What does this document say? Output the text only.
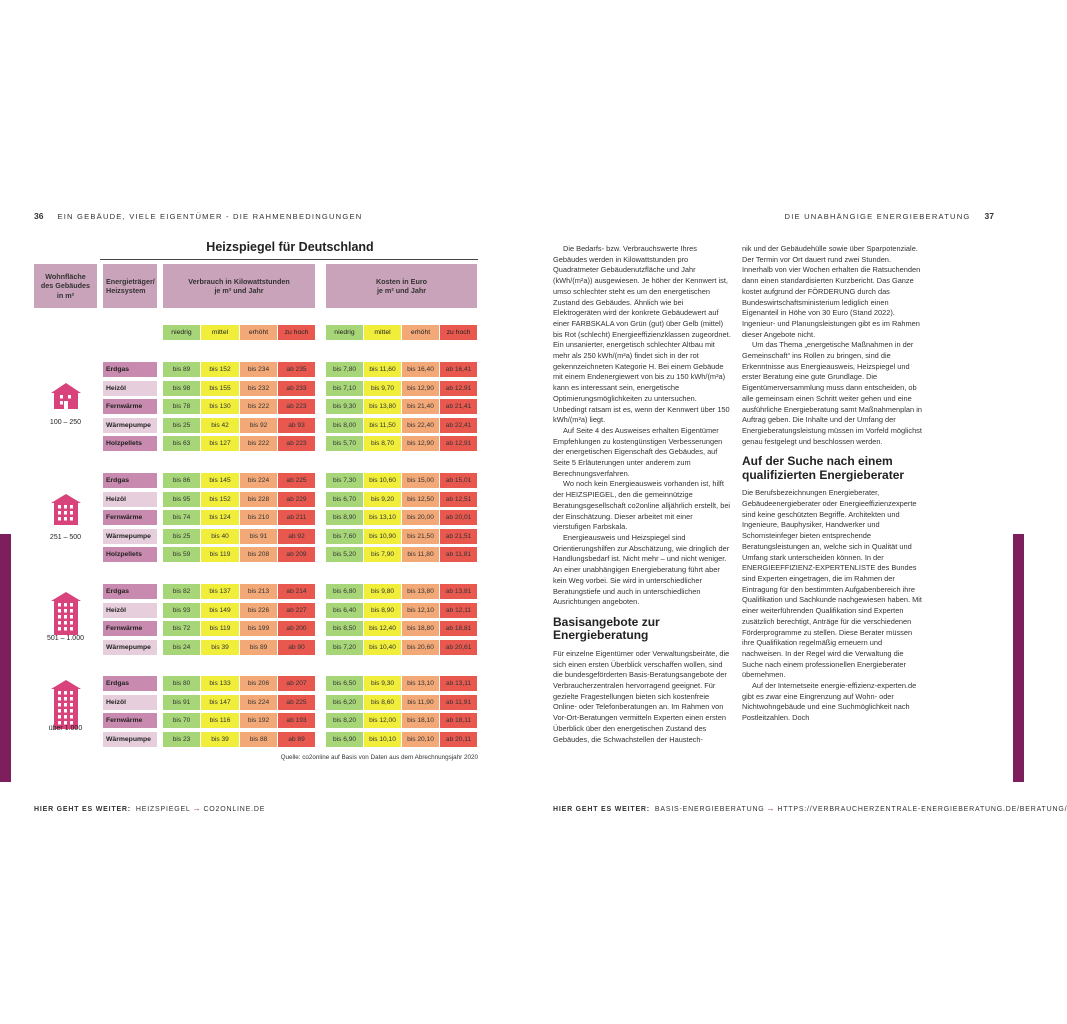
36 EIN GEBÄUDE, VIELE EIGENTÜMER - DIE RAHMENBEDINGUNGEN	DIE UNABHÄNGIGE ENERGIEBERATUNG 37
Heizspiegel für Deutschland
Wohnfläche
des Gebäudes
in m²
Energieträger/
Heizsystem
Verbrauch in Kilowattstunden
je m² und Jahr
Kosten in Euro
je m² und Jahr
niedrig	mittel	erhöht	zu hoch	niedrig	mittel	erhöht	zu hoch
100 – 250
Erdgas	bis 89	bis 152	bis 234	ab 235	bis 7,80	bis 11,60	bis 16,40	ab 16,41
Heizöl	bis 98	bis 155	bis 232	ab 233	bis 7,10	bis 9,70	bis 12,90	ab 12,91
Fernwärme	bis 78	bis 130	bis 222	ab 223	bis 9,30	bis 13,80	bis 21,40	ab 21,41
Wärmepumpe	bis 25	bis 42	bis 92	ab 93	bis 8,00	bis 11,50	bis 22,40	ab 22,41
Holzpellets	bis 63	bis 127	bis 222	ab 223	bis 5,70	bis 8,70	bis 12,90	ab 12,91
251 – 500
Erdgas	bis 86	bis 145	bis 224	ab 225	bis 7,30	bis 10,60	bis 15,00	ab 15,01
Heizöl	bis 95	bis 152	bis 228	ab 229	bis 6,70	bis 9,20	bis 12,50	ab 12,51
Fernwärme	bis 74	bis 124	bis 210	ab 211	bis 8,90	bis 13,10	bis 20,00	ab 20,01
Wärmepumpe	bis 25	bis 40	bis 91	ab 92	bis 7,60	bis 10,90	bis 21,50	ab 21,51
Holzpellets	bis 59	bis 119	bis 208	ab 209	bis 5,20	bis 7,90	bis 11,80	ab 11,81
501 – 1.000
Erdgas	bis 82	bis 137	bis 213	ab 214	bis 6,80	bis 9,80	bis 13,80	ab 13,81
Heizöl	bis 93	bis 149	bis 226	ab 227	bis 6,40	bis 8,90	bis 12,10	ab 12,11
Fernwärme	bis 72	bis 119	bis 199	ab 200	bis 8,50	bis 12,40	bis 18,80	ab 18,81
Wärmepumpe	bis 24	bis 39	bis 89	ab 90	bis 7,20	bis 10,40	bis 20,60	ab 20,61
über 1.000
Erdgas	bis 80	bis 133	bis 206	ab 207	bis 6,50	bis 9,30	bis 13,10	ab 13,11
Heizöl	bis 91	bis 147	bis 224	ab 225	bis 6,20	bis 8,60	bis 11,90	ab 11,91
Fernwärme	bis 70	bis 116	bis 192	ab 193	bis 8,20	bis 12,00	bis 18,10	ab 18,11
Wärmepumpe	bis 23	bis 39	bis 88	ab 89	bis 6,90	bis 10,10	bis 20,10	ab 20,11
Quelle: co2online auf Basis von Daten aus dem Abrechnungsjahr 2020

Die Bedarfs- bzw. Verbrauchswerte Ihres Gebäudes werden in Kilowattstunden pro Quadratmeter Gebäudenutzfläche und Jahr (kWh/(m²a)) ausgewiesen. Je höher der Kennwert ist, umso schlechter steht es um den energetischen Zustand des Gebäudes. Ähnlich wie bei Elektrogeräten wird der konkrete Gebäudewert auf einer FARBSKALA von Grün (gut) über Gelb (mittel) bis Rot (schlecht) Energieeffizienzklassen zugeordnet. Ein unsanierter, energetisch schlechter Altbau mit mehr als 250 kWh/(m²a) findet sich in der rot gekennzeichneten Kategorie H. Bei einem Gebäude mit einem Endenergiewert von bis zu 150 kWh/(m²a) kann es interessant sein, energetische Optimierungsmöglichkeiten zu untersuchen. Unbedingt ratsam ist es, wenn der Kennwert über 150 kWh/(m²a) liegt.

Auf Seite 4 des Ausweises erhalten Eigentümer Empfehlungen zu kostengünstigen Verbesserungen der energetischen Eigenschaft des Gebäudes, auf Seite 5 Erläuterungen unter anderem zum Berechnungsverfahren.

Wo noch kein Energieausweis vorhanden ist, hilft der HEIZSPIEGEL, den die gemeinnützige Beratungsgesellschaft co2online alljährlich erstellt, bei der Einschätzung. Dieser arbeitet mit einer vierstufigen Farbskala.

Energieausweis und Heizspiegel sind Orientierungshilfen zur Abschätzung, wie dringlich der Handlungsbedarf ist. Nicht mehr – und nicht weniger. An einer unabhängigen Energieberatung führt aber kein Weg vorbei. Sie wird in unterschiedlicher Beratungstiefe und auch in unterschiedlichen Ausrichtungen angeboten.

Basisangebote zur Energieberatung

Für einzelne Eigentümer oder Verwaltungsbeiräte, die sich einen ersten Überblick verschaffen wollen, sind die bundesgeförderten Basis-Beratungsangebote der Verbraucherzentralen hervorragend geeignet. Für gezielte Fragestellungen bieten sich kostenfreie Online- oder Telefonberatungen an. Im Rahmen von Vor-Ort-Beratungen vermitteln Experten einen ersten Überblick über den energetischen Zustand des Gebäudes, die Schwachstellen der Haustech-

nik und der Gebäudehülle sowie über Sparpotenziale. Der Termin vor Ort dauert rund zwei Stunden. Innerhalb von vier Wochen erhalten die Ratsuchenden dann einen standardisierten Kurzbericht. Das Ganze kostet aufgrund der FÖRDERUNG durch das Bundeswirtschaftsministerium lediglich einen Eigenanteil in Höhe von 30 Euro (Stand 2022). Ingenieur- und Planungsleistungen gibt es im Rahmen dieser Angebote nicht.

Um das Thema „energetische Maßnahmen in der Gemeinschaft“ ins Rollen zu bringen, sind die Erkenntnisse aus Energieausweis, Heizspiegel und erster Beratung eine gute Grundlage. Die Eigentümerversammlung muss dann entscheiden, ob alle gemeinsam einen Schritt weiter gehen und eine ausführliche Energieberatung samt Maßnahmenplan in Auftrag geben. Die Inhalte und der Umfang der Energieberatungsleistung müssen im Vorfeld möglichst genau festgelegt und beschlossen werden.

Auf der Suche nach einem qualifizierten Energieberater

Die Berufsbezeichnungen Energieberater, Gebäudeenergieberater oder Energieeffizienzexperte sind keine geschützten Begriffe. Architekten und Ingenieure, Bauphysiker, Handwerker und Schornsteinfeger bieten entsprechende Beratungsleistungen an, welche sich in Qualität und Umfang stark unterscheiden können. In der ENERGIEEFFIZIENZ-EXPERTENLISTE des Bundes sind Experten eingetragen, die im Rahmen der Eintragung für den bestimmten Aufgabenbereich ihre Qualifikation und Sachkunde nachgewiesen haben. Mit einer weiterführenden Qualifikation sind Experten zusätzlich berechtigt, Anträge für die verschiedenen Förderprogramme zu stellen. Diese Berater müssen ihre Qualifikation regelmäßig erneuern und nachweisen. In der Regel wird die Verwaltung die Suche nach einem professionellen Energieberater übernehmen.

Auf der Internetseite energie-effizienz-experten.de gibt es zwar eine Eingrenzung auf Wohn- oder Nichtwohngebäude und eine Suchmöglichkeit nach Postleitzahlen. Doch

HIER GEHT ES WEITER: HEIZSPIEGEL → CO2ONLINE.DE	HIER GEHT ES WEITER: BASIS-ENERGIEBERATUNG → HTTPS://VERBRAUCHERZENTRALE-ENERGIEBERATUNG.DE/BERATUNG/
